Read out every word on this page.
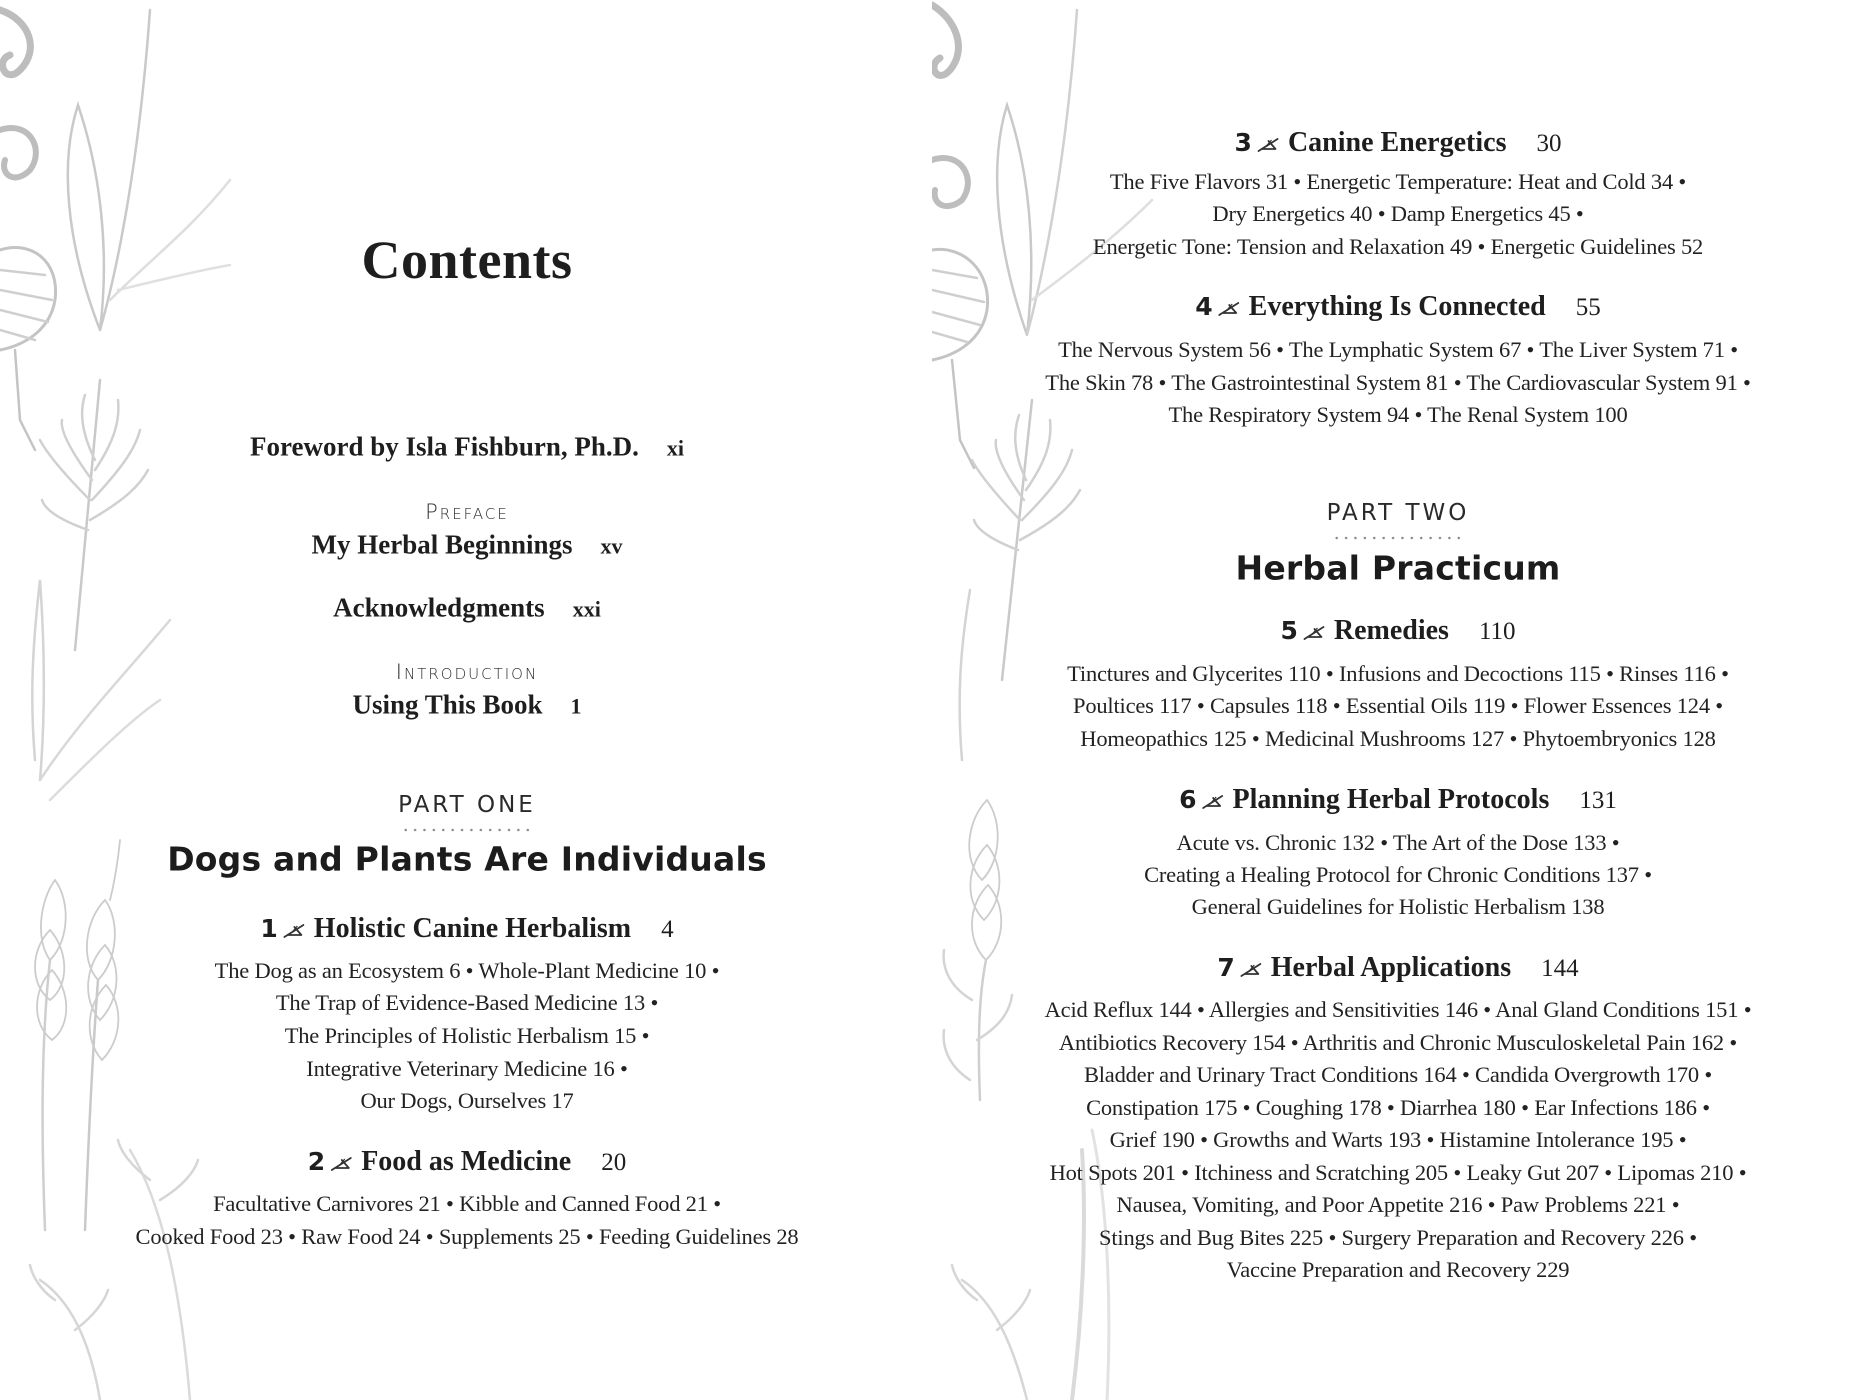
Contents
Foreword by Isla Fishburn, Ph.D. xi
Preface
My Herbal Beginnings xv
Acknowledgments xxi
Introduction
Using This Book 1
PART ONE
Dogs and Plants Are Individuals
1 Holistic Canine Herbalism 4
The Dog as an Ecosystem 6 • Whole-Plant Medicine 10 •
The Trap of Evidence-Based Medicine 13 •
The Principles of Holistic Herbalism 15 •
Integrative Veterinary Medicine 16 •
Our Dogs, Ourselves 17
2 Food as Medicine 20
Facultative Carnivores 21 • Kibble and Canned Food 21 •
Cooked Food 23 • Raw Food 24 • Supplements 25 • Feeding Guidelines 28
3 Canine Energetics 30
The Five Flavors 31 • Energetic Temperature: Heat and Cold 34 •
Dry Energetics 40 • Damp Energetics 45 •
Energetic Tone: Tension and Relaxation 49 • Energetic Guidelines 52
4 Everything Is Connected 55
The Nervous System 56 • The Lymphatic System 67 • The Liver System 71 •
The Skin 78 • The Gastrointestinal System 81 • The Cardiovascular System 91 •
The Respiratory System 94 • The Renal System 100
PART TWO
Herbal Practicum
5 Remedies 110
Tinctures and Glycerites 110 • Infusions and Decoctions 115 • Rinses 116 •
Poultices 117 • Capsules 118 • Essential Oils 119 • Flower Essences 124 •
Homeopathics 125 • Medicinal Mushrooms 127 • Phytoembryonics 128
6 Planning Herbal Protocols 131
Acute vs. Chronic 132 • The Art of the Dose 133 •
Creating a Healing Protocol for Chronic Conditions 137 •
General Guidelines for Holistic Herbalism 138
7 Herbal Applications 144
Acid Reflux 144 • Allergies and Sensitivities 146 • Anal Gland Conditions 151 •
Antibiotics Recovery 154 • Arthritis and Chronic Musculoskeletal Pain 162 •
Bladder and Urinary Tract Conditions 164 • Candida Overgrowth 170 •
Constipation 175 • Coughing 178 • Diarrhea 180 • Ear Infections 186 •
Grief 190 • Growths and Warts 193 • Histamine Intolerance 195 •
Hot Spots 201 • Itchiness and Scratching 205 • Leaky Gut 207 • Lipomas 210 •
Nausea, Vomiting, and Poor Appetite 216 • Paw Problems 221 •
Stings and Bug Bites 225 • Surgery Preparation and Recovery 226 •
Vaccine Preparation and Recovery 229
